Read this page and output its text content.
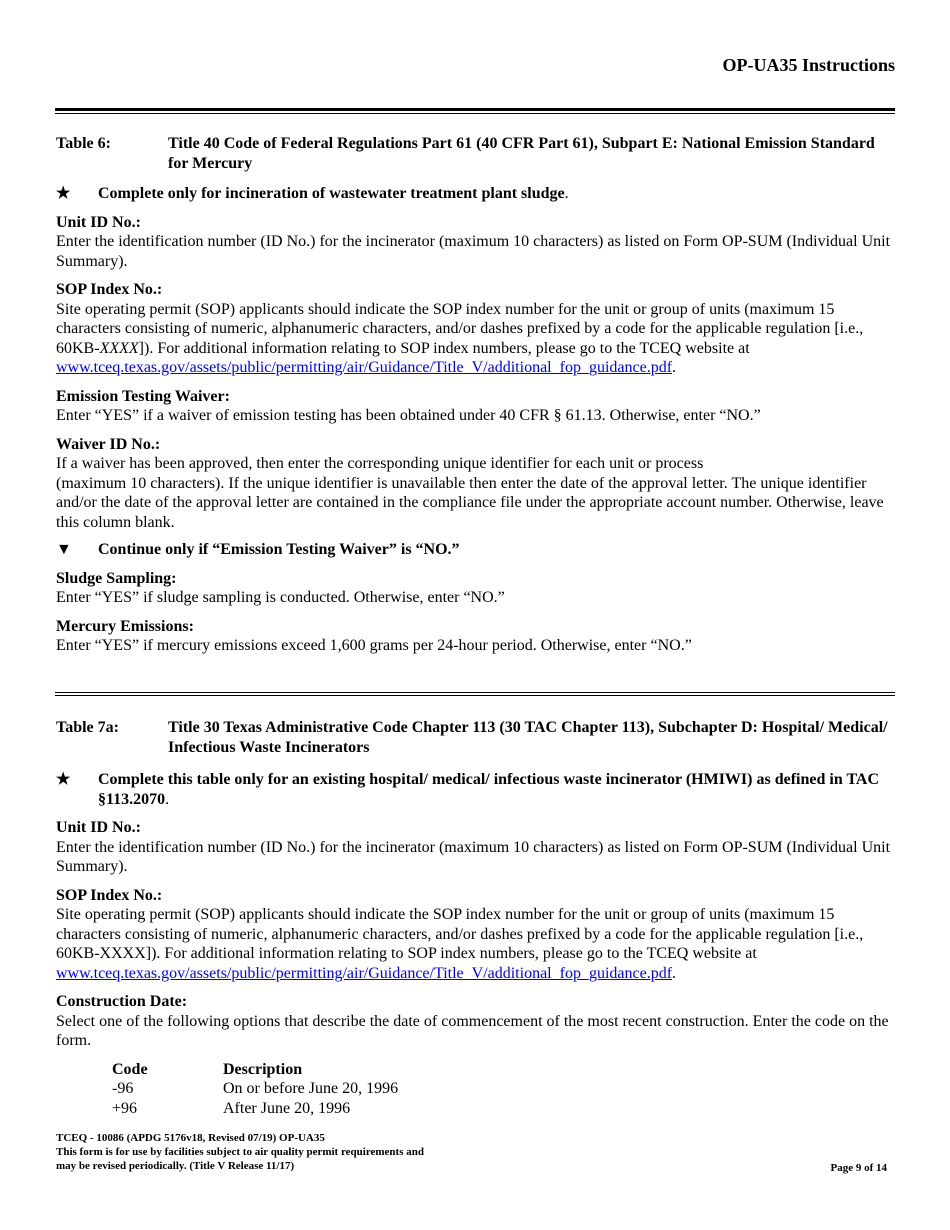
OP-UA35 Instructions
Table 6:	Title 40 Code of Federal Regulations Part 61 (40 CFR Part 61), Subpart E: National Emission Standard for Mercury
★	Complete only for incineration of wastewater treatment plant sludge.
Unit ID No.:

Enter the identification number (ID No.) for the incinerator (maximum 10 characters) as listed on Form OP-SUM (Individual Unit Summary).

SOP Index No.:

Site operating permit (SOP) applicants should indicate the SOP index number for the unit or group of units (maximum 15 characters consisting of numeric, alphanumeric characters, and/or dashes prefixed by a code for the applicable regulation [i.e., 60KB-XXXX]). For additional information relating to SOP index numbers, please go to the TCEQ website at www.tceq.texas.gov/assets/public/permitting/air/Guidance/Title_V/additional_fop_guidance.pdf.

Emission Testing Waiver:

Enter “YES” if a waiver of emission testing has been obtained under 40 CFR § 61.13. Otherwise, enter “NO.”

Waiver ID No.:

If a waiver has been approved, then enter the corresponding unique identifier for each unit or process

(maximum 10 characters). If the unique identifier is unavailable then enter the date of the approval letter. The unique identifier and/or the date of the approval letter are contained in the compliance file under the appropriate account number. Otherwise, leave this column blank.

▼	Continue only if “Emission Testing Waiver” is “NO.”
Sludge Sampling:

Enter “YES” if sludge sampling is conducted. Otherwise, enter “NO.”

Mercury Emissions:

Enter “YES” if mercury emissions exceed 1,600 grams per 24-hour period. Otherwise, enter “NO.”

Table 7a:	Title 30 Texas Administrative Code Chapter 113 (30 TAC Chapter 113), Subchapter D: Hospital/ Medical/ Infectious Waste Incinerators
★	Complete this table only for an existing hospital/ medical/ infectious waste incinerator (HMIWI) as defined in TAC §113.2070.
Unit ID No.:

Enter the identification number (ID No.) for the incinerator (maximum 10 characters) as listed on Form OP-SUM (Individual Unit Summary).

SOP Index No.:

Site operating permit (SOP) applicants should indicate the SOP index number for the unit or group of units (maximum 15 characters consisting of numeric, alphanumeric characters, and/or dashes prefixed by a code for the applicable regulation [i.e., 60KB-XXXX]). For additional information relating to SOP index numbers, please go to the TCEQ website at www.tceq.texas.gov/assets/public/permitting/air/Guidance/Title_V/additional_fop_guidance.pdf.

Construction Date:

Select one of the following options that describe the date of commencement of the most recent construction. Enter the code on the form.

Code	Description
-96	On or before June 20, 1996
+96	After June 20, 1996
TCEQ - 10086 (APDG 5176v18, Revised 07/19) OP-UA35
This form is for use by facilities subject to air quality permit requirements and
may be revised periodically. (Title V Release 11/17)	Page 9 of 14
